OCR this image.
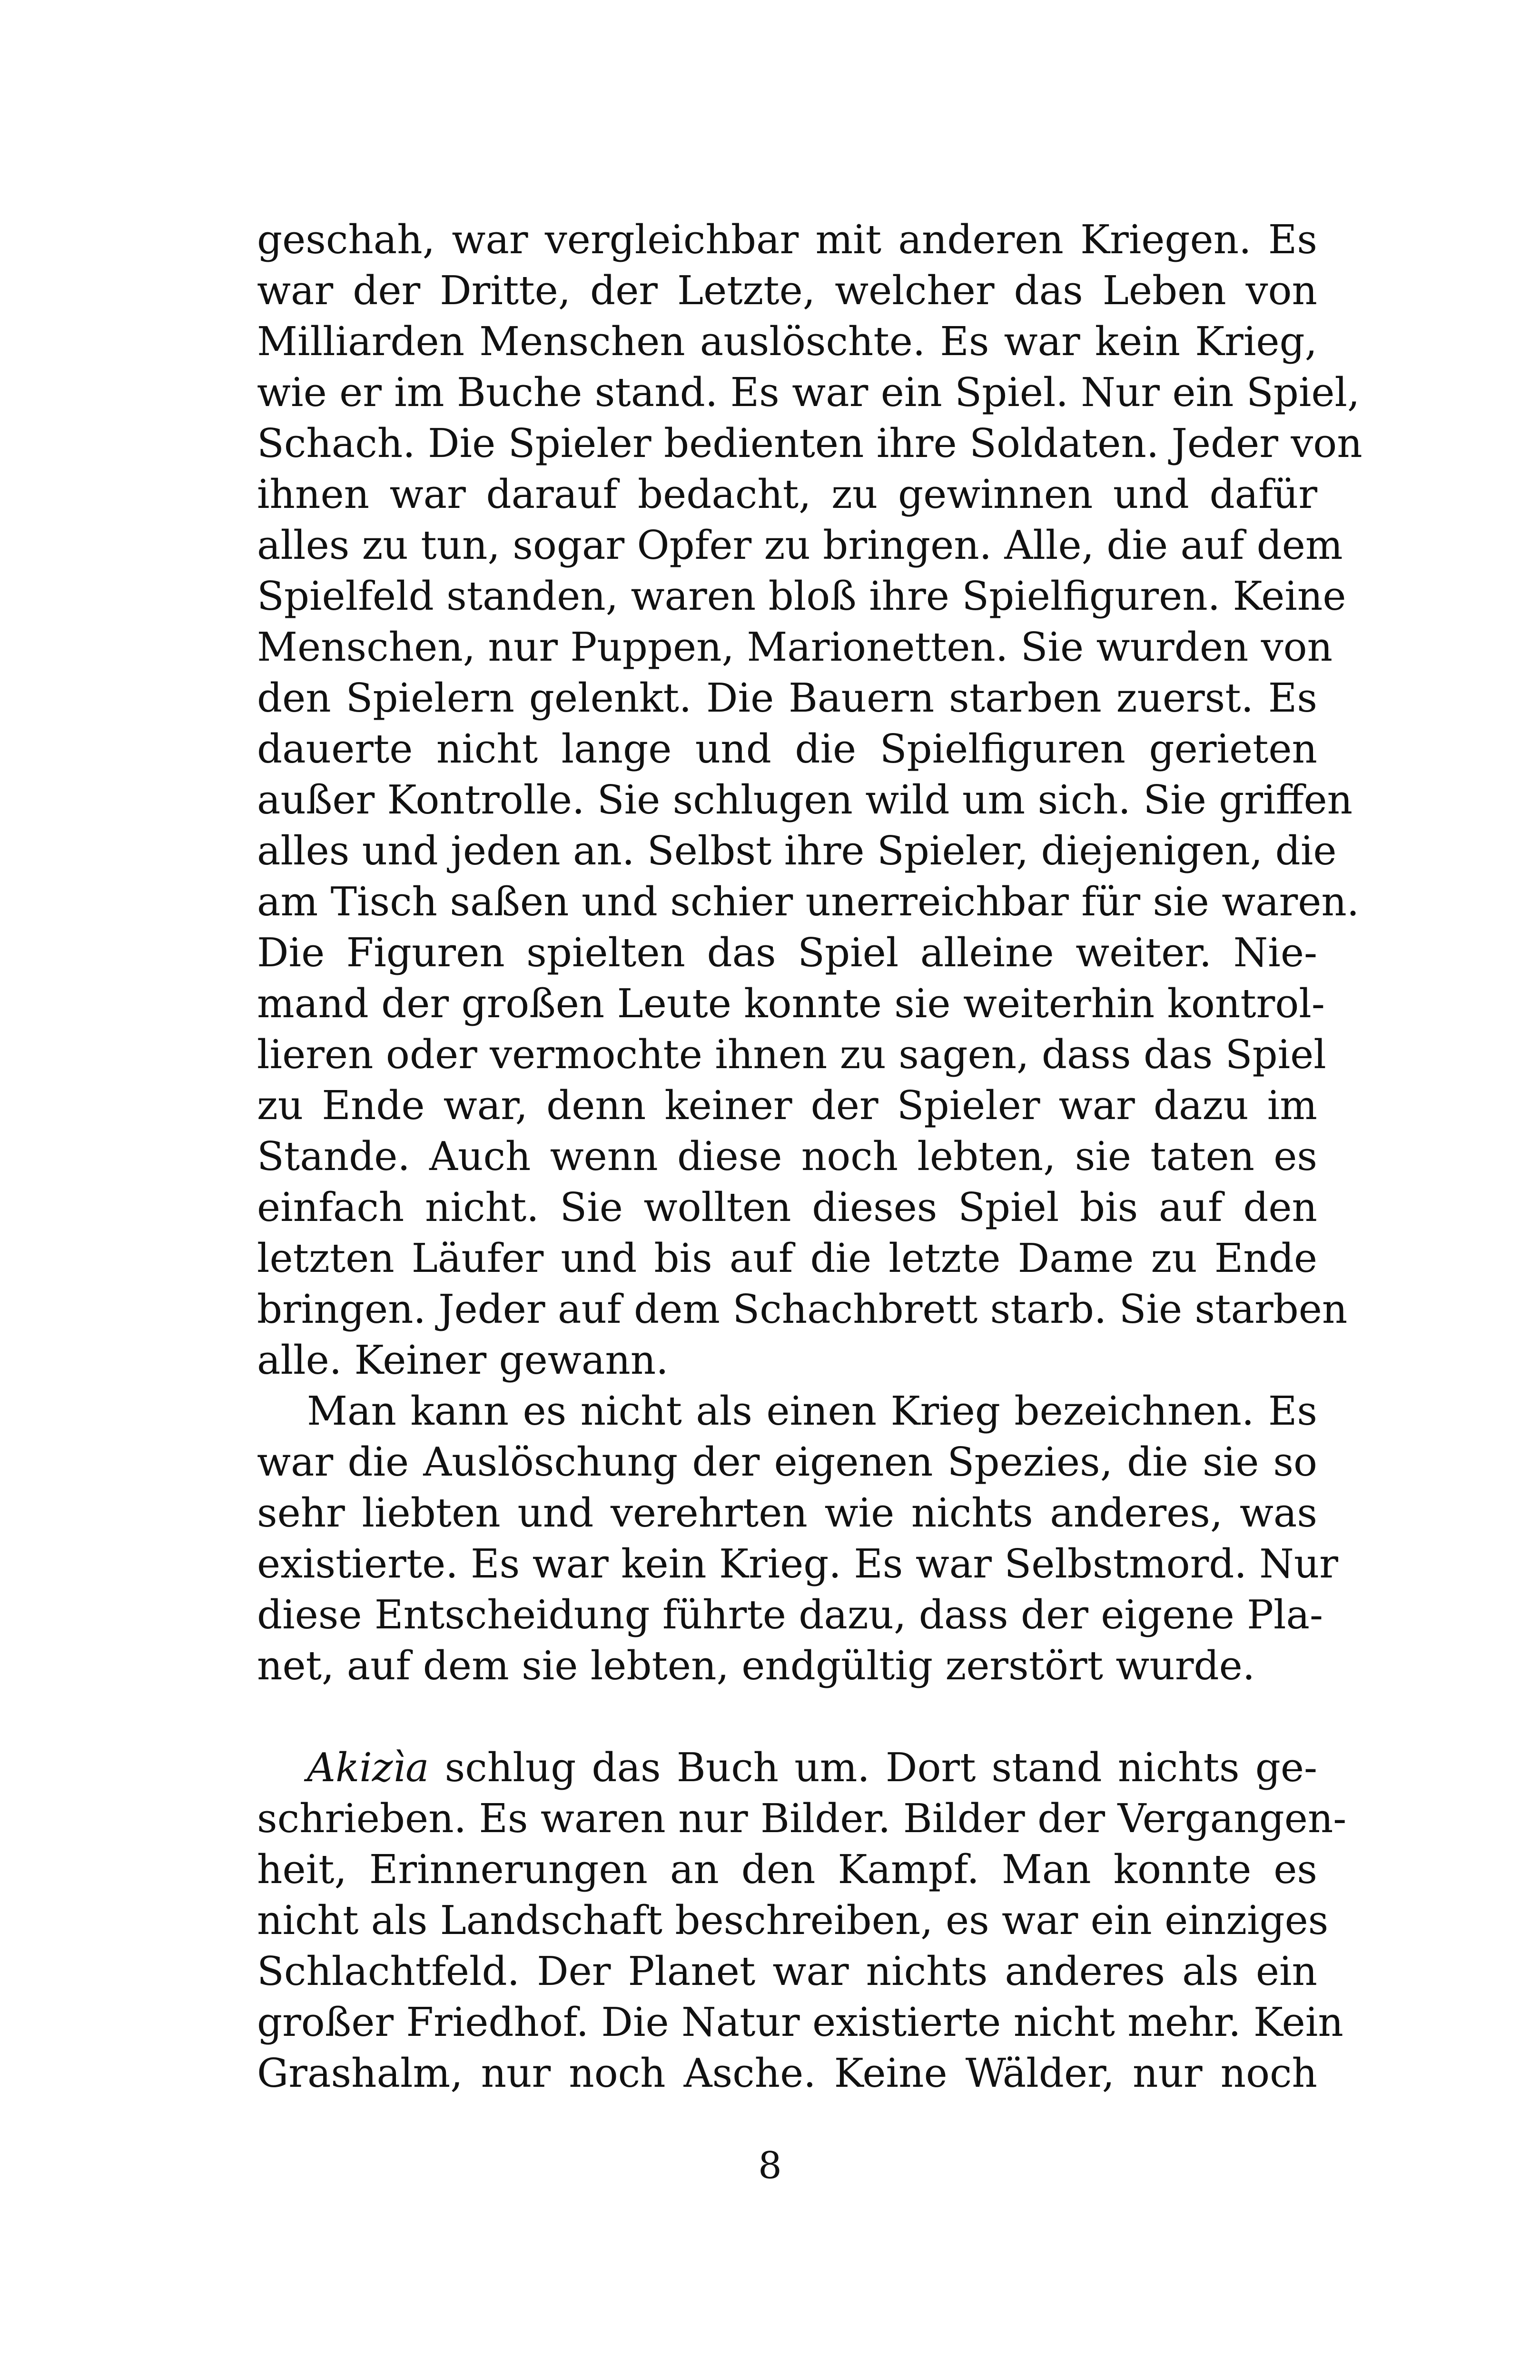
geschah, war vergleichbar mit anderen Kriegen. Es
war der Dritte, der Letzte, welcher das Leben von
Milliarden Menschen auslöschte. Es war kein Krieg,
wie er im Buche stand. Es war ein Spiel. Nur ein Spiel,
Schach. Die Spieler bedienten ihre Soldaten. Jeder von
ihnen war darauf bedacht, zu gewinnen und dafür
alles zu tun, sogar Opfer zu bringen. Alle, die auf dem
Spielfeld standen, waren bloß ihre Spielfiguren. Keine
Menschen, nur Puppen, Marionetten. Sie wurden von
den Spielern gelenkt. Die Bauern starben zuerst. Es
dauerte nicht lange und die Spielfiguren gerieten
außer Kontrolle. Sie schlugen wild um sich. Sie griffen
alles und jeden an. Selbst ihre Spieler, diejenigen, die
am Tisch saßen und schier unerreichbar für sie waren.
Die Figuren spielten das Spiel alleine weiter. Nie-
mand der großen Leute konnte sie weiterhin kontrol-
lieren oder vermochte ihnen zu sagen, dass das Spiel
zu Ende war, denn keiner der Spieler war dazu im
Stande. Auch wenn diese noch lebten, sie taten es
einfach nicht. Sie wollten dieses Spiel bis auf den
letzten Läufer und bis auf die letzte Dame zu Ende
bringen. Jeder auf dem Schachbrett starb. Sie starben
alle. Keiner gewann.

Man kann es nicht als einen Krieg bezeichnen. Es
war die Auslöschung der eigenen Spezies, die sie so
sehr liebten und verehrten wie nichts anderes, was
existierte. Es war kein Krieg. Es war Selbstmord. Nur
diese Entscheidung führte dazu, dass der eigene Pla-
net, auf dem sie lebten, endgültig zerstört wurde.

Akizìa schlug das Buch um. Dort stand nichts ge-
schrieben. Es waren nur Bilder. Bilder der Vergangen-
heit, Erinnerungen an den Kampf. Man konnte es
nicht als Landschaft beschreiben, es war ein einziges
Schlachtfeld. Der Planet war nichts anderes als ein
großer Friedhof. Die Natur existierte nicht mehr. Kein
Grashalm, nur noch Asche. Keine Wälder, nur noch

8
